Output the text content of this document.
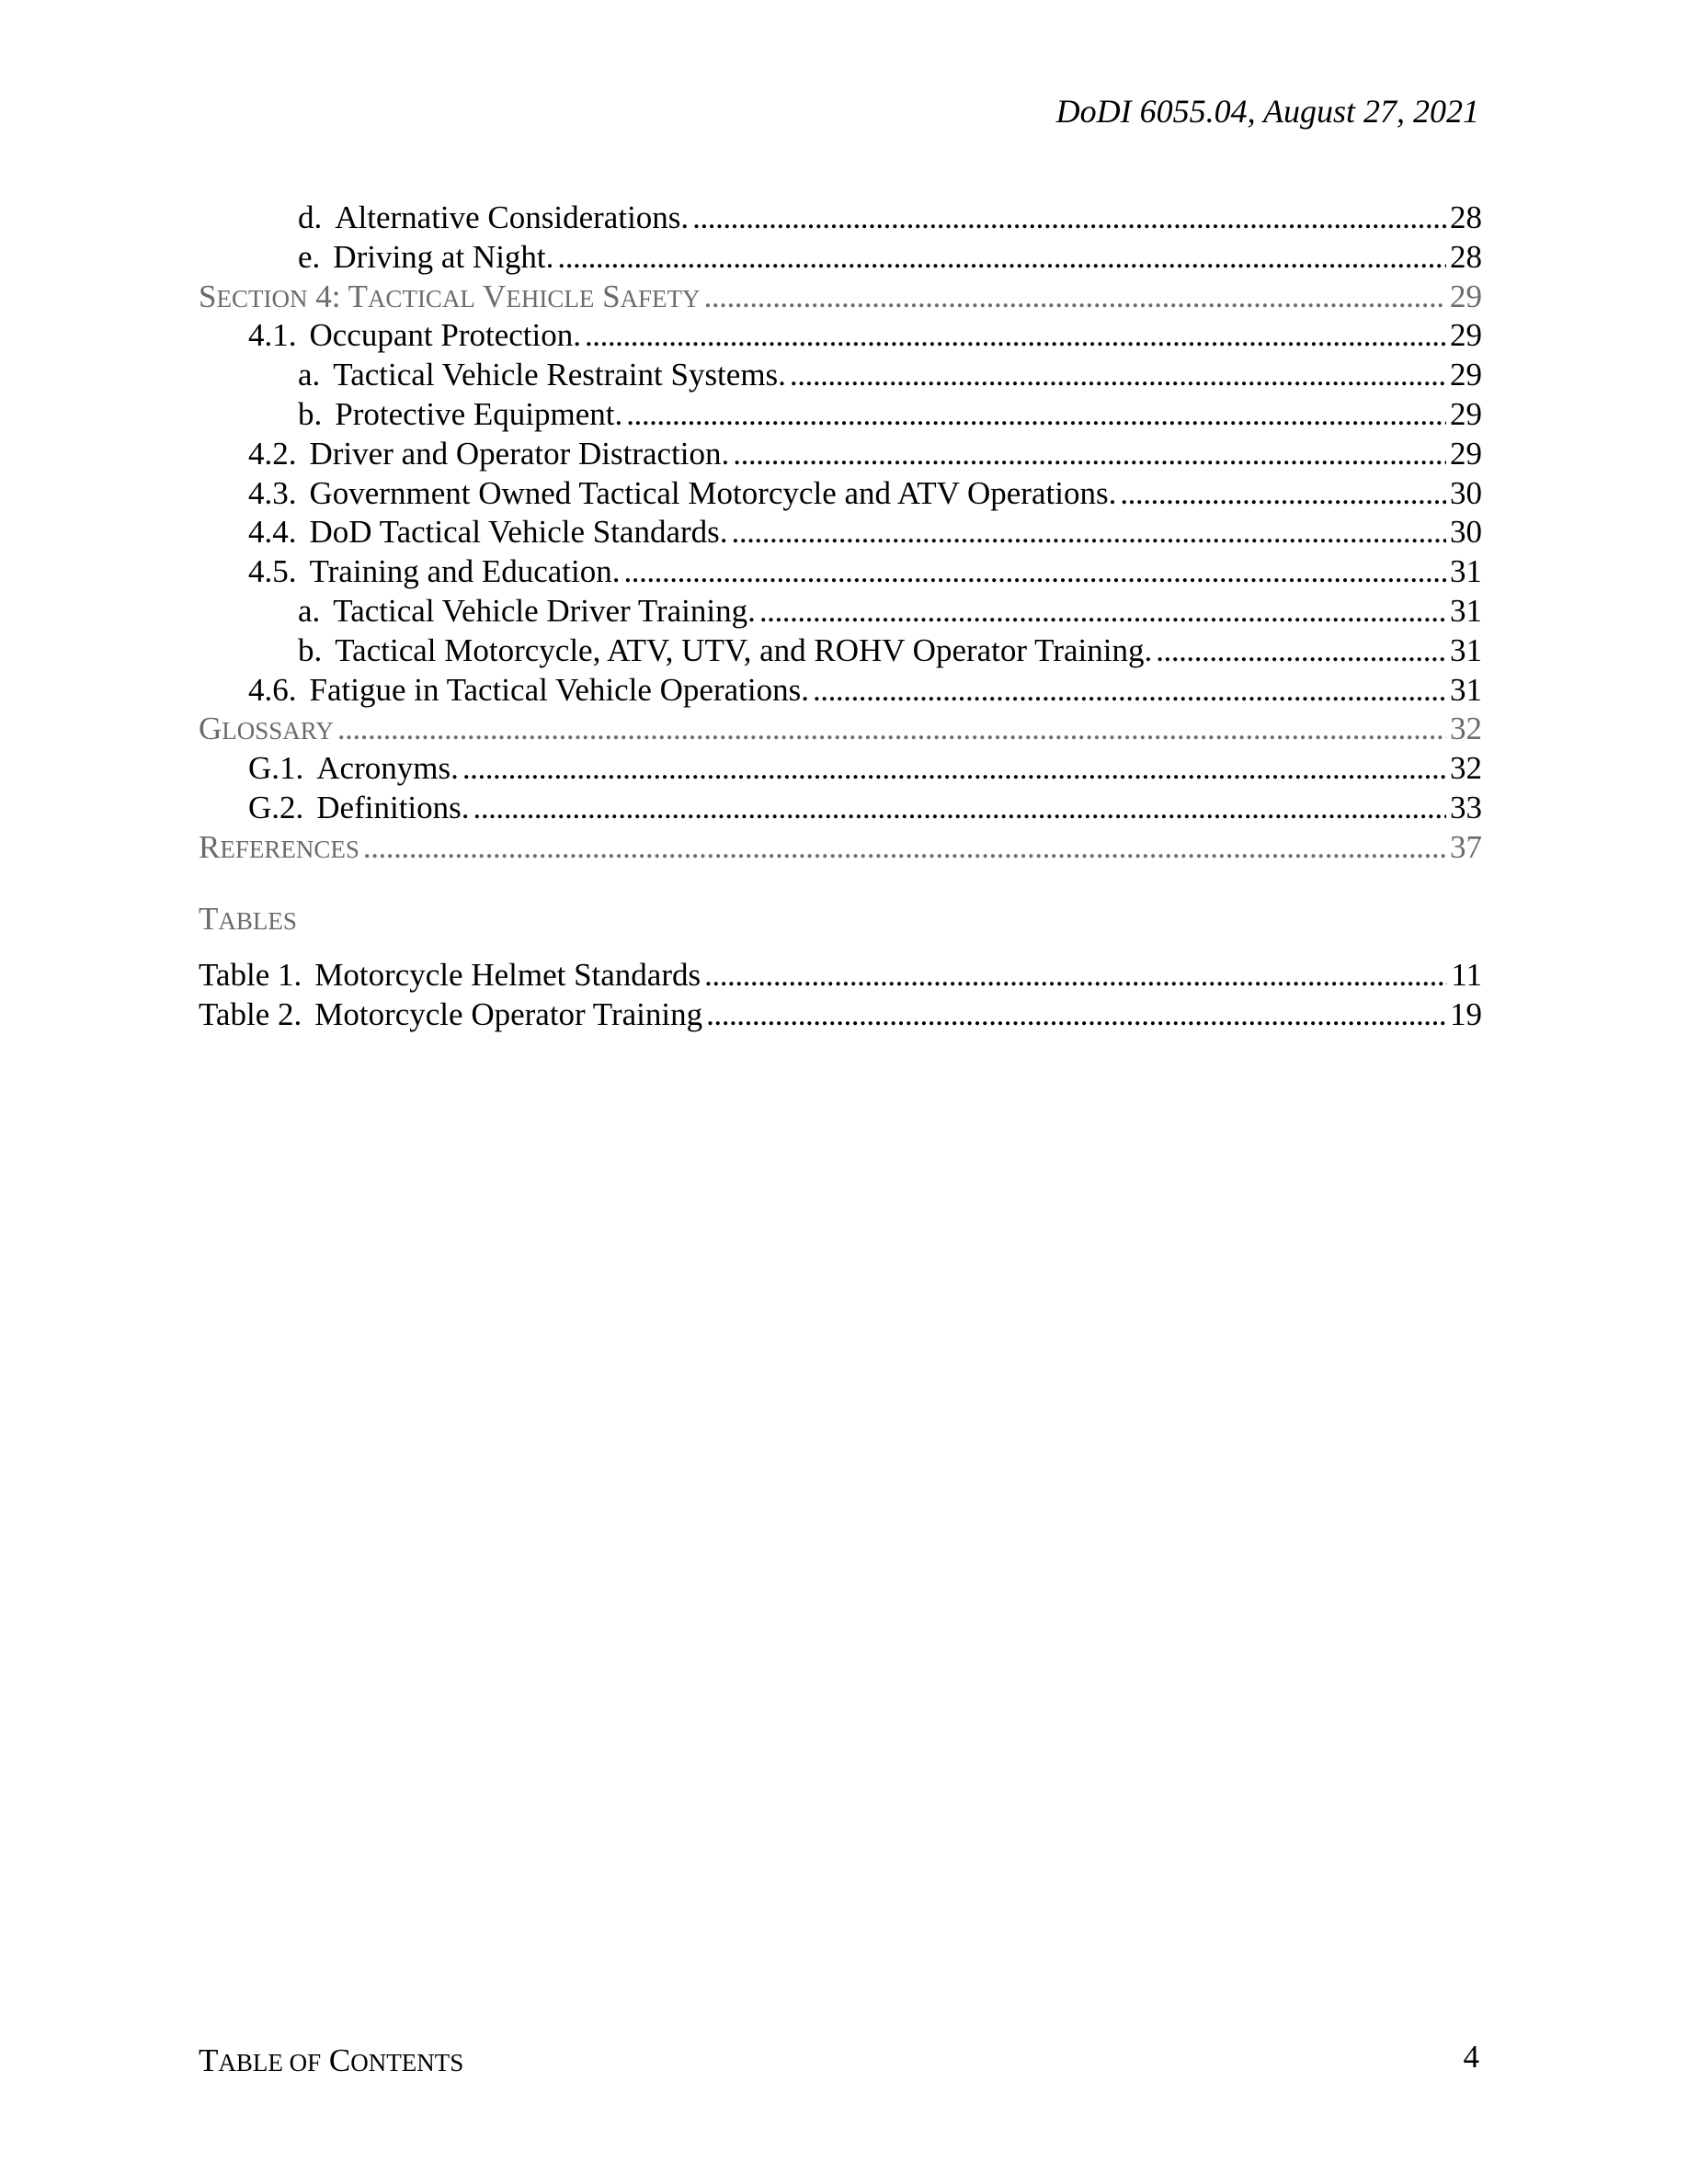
DoDI 6055.04, August 27, 2021
d. Alternative Considerations. . . .	28
e. Driving at Night. . . .	28
SECTION 4: TACTICAL VEHICLE SAFETY . . .	29
4.1. Occupant Protection. . . .	29
a. Tactical Vehicle Restraint Systems. . . .	29
b. Protective Equipment. . . .	29
4.2. Driver and Operator Distraction. . . .	29
4.3. Government Owned Tactical Motorcycle and ATV Operations. . . .	30
4.4. DoD Tactical Vehicle Standards. . . .	30
4.5. Training and Education. . . .	31
a. Tactical Vehicle Driver Training. . . .	31
b. Tactical Motorcycle, ATV, UTV, and ROHV Operator Training. . . .	31
4.6. Fatigue in Tactical Vehicle Operations. . . .	31
GLOSSARY . . .	32
G.1. Acronyms. . . .	32
G.2. Definitions. . . .	33
REFERENCES . . .	37
TABLES
Table 1. Motorcycle Helmet Standards . . .	11
Table 2. Motorcycle Operator Training . . .	19
TABLE OF CONTENTS	4
